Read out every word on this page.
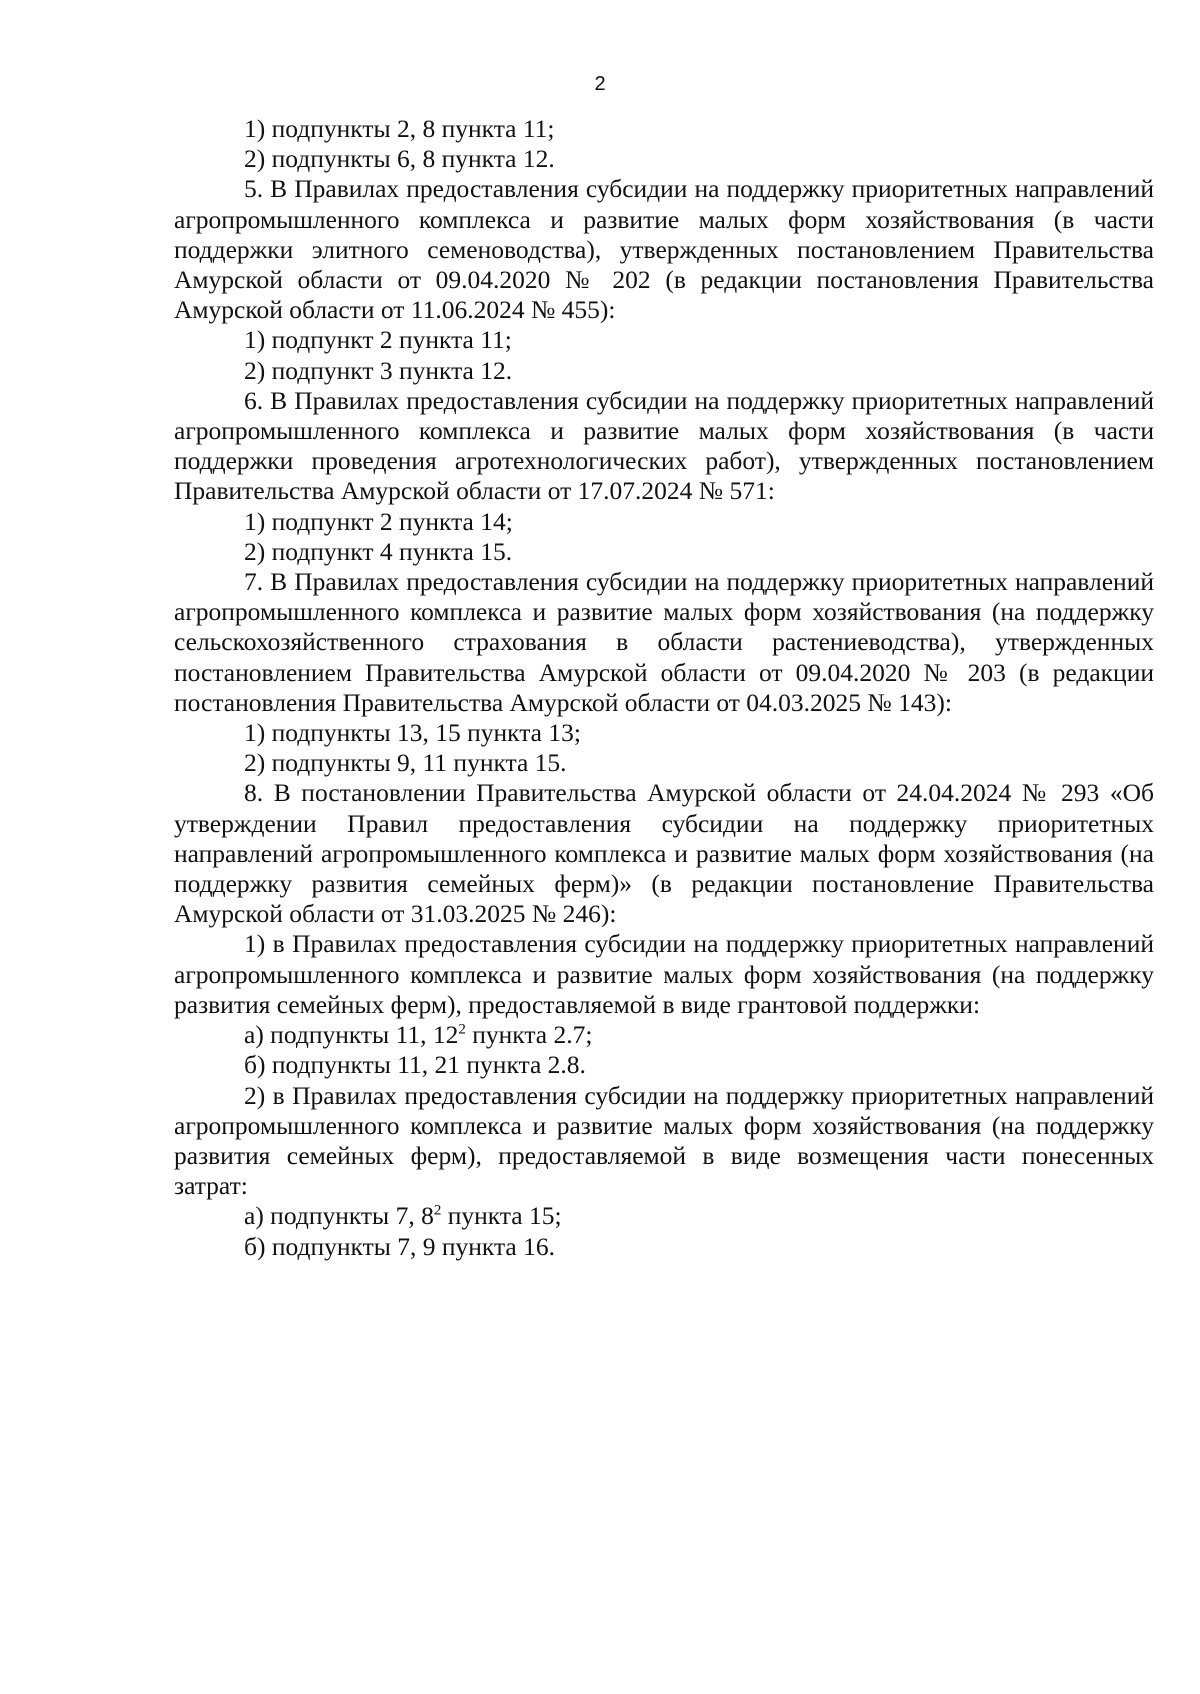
2

1) подпункты 2, 8 пункта 11;

2) подпункты 6, 8 пункта 12.

5. В Правилах предоставления субсидии на поддержку приоритетных направлений агропромышленного комплекса и развитие малых форм хозяйствования (в части поддержки элитного семеноводства), утвержденных постановлением Правительства Амурской области от 09.04.2020 № 202 (в редакции постановления Правительства Амурской области от 11.06.2024 № 455):

1) подпункт 2 пункта 11;

2) подпункт 3 пункта 12.

6. В Правилах предоставления субсидии на поддержку приоритетных направлений агропромышленного комплекса и развитие малых форм хозяйствования (в части поддержки проведения агротехнологических работ), утвержденных постановлением Правительства Амурской области от 17.07.2024 № 571:

1) подпункт 2 пункта 14;

2) подпункт 4 пункта 15.

7. В Правилах предоставления субсидии на поддержку приоритетных направлений агропромышленного комплекса и развитие малых форм хозяйствования (на поддержку сельскохозяйственного страхования в области растениеводства), утвержденных постановлением Правительства Амурской области от 09.04.2020 № 203 (в редакции постановления Правительства Амурской области от 04.03.2025 № 143):

1) подпункты 13, 15 пункта 13;

2) подпункты 9, 11 пункта 15.

8. В постановлении Правительства Амурской области от 24.04.2024 № 293 «Об утверждении Правил предоставления субсидии на поддержку приоритетных направлений агропромышленного комплекса и развитие малых форм хозяйствования (на поддержку развития семейных ферм)» (в редакции постановление Правительства Амурской области от 31.03.2025 № 246):

1) в Правилах предоставления субсидии на поддержку приоритетных направлений агропромышленного комплекса и развитие малых форм хозяйствования (на поддержку развития семейных ферм), предоставляемой в виде грантовой поддержки:

а) подпункты 11, $12^2$ пункта 2.7;

б) подпункты 11, 21 пункта 2.8.

2) в Правилах предоставления субсидии на поддержку приоритетных направлений агропромышленного комплекса и развитие малых форм хозяйствования (на поддержку развития семейных ферм), предоставляемой в виде возмещения части понесенных затрат:

а) подпункты 7, $8^2$ пункта 15;

б) подпункты 7, 9 пункта 16.
